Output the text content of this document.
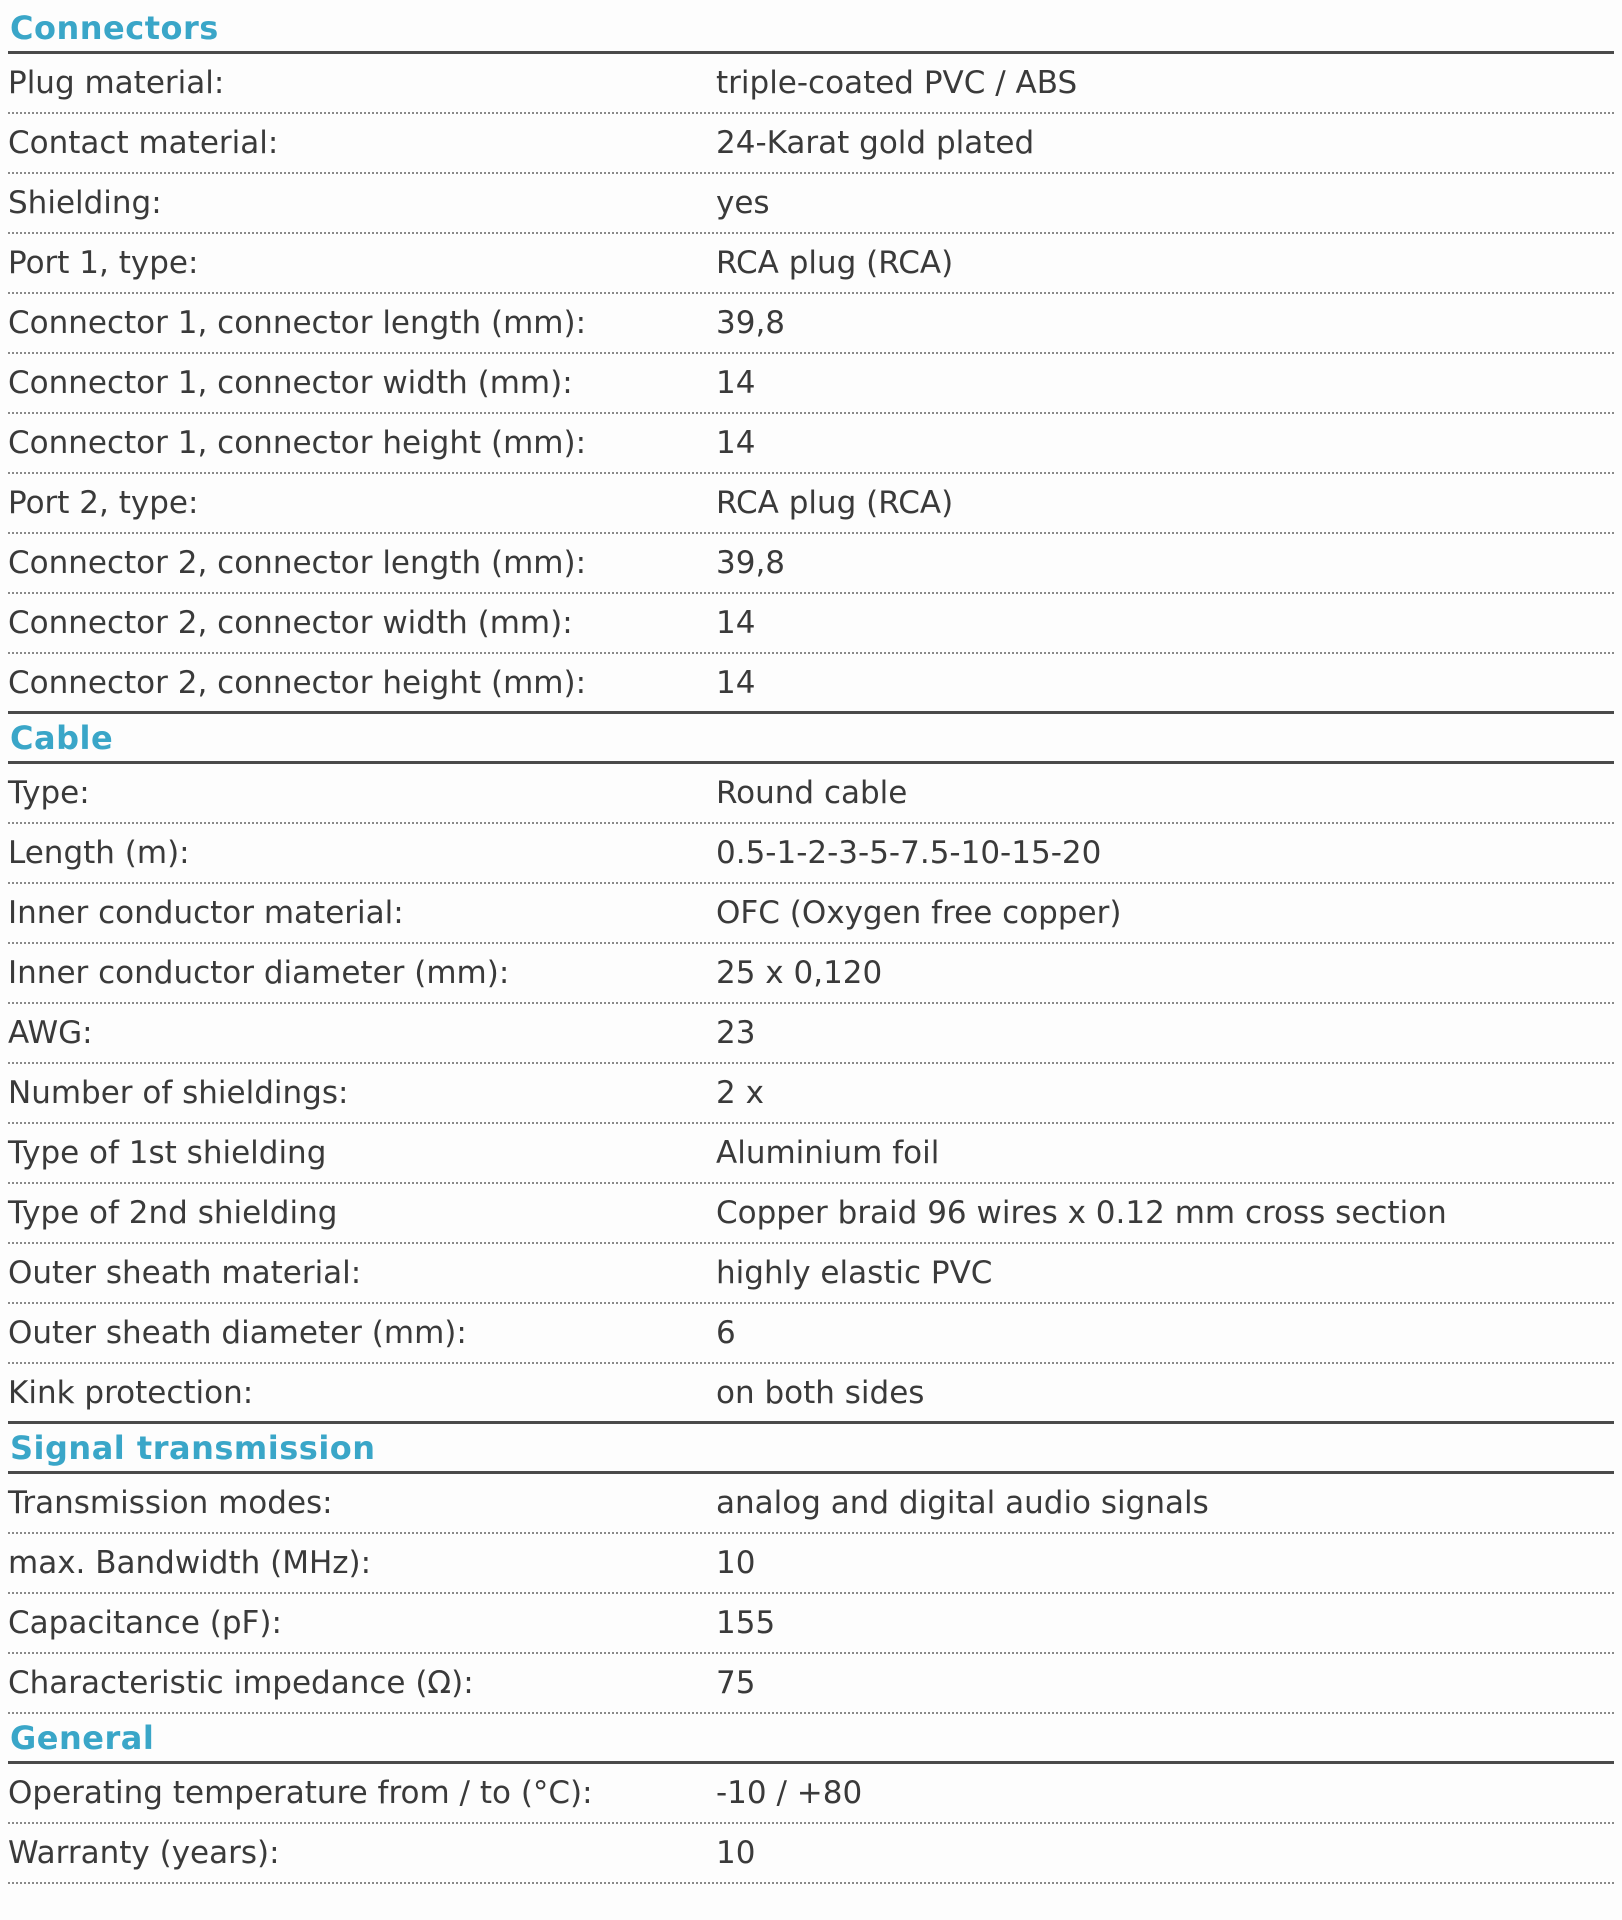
Connectors
Plug material:	triple-coated PVC / ABS
Contact material:	24-Karat gold plated
Shielding:	yes
Port 1, type:	RCA plug (RCA)
Connector 1, connector length (mm):	39,8
Connector 1, connector width (mm):	14
Connector 1, connector height (mm):	14
Port 2, type:	RCA plug (RCA)
Connector 2, connector length (mm):	39,8
Connector 2, connector width (mm):	14
Connector 2, connector height (mm):	14
Cable
Type:	Round cable
Length (m):	0.5-1-2-3-5-7.5-10-15-20
Inner conductor material:	OFC (Oxygen free copper)
Inner conductor diameter (mm):	25 x 0,120
AWG:	23
Number of shieldings:	2 x
Type of 1st shielding	Aluminium foil
Type of 2nd shielding	Copper braid 96 wires x 0.12 mm cross section
Outer sheath material:	highly elastic PVC
Outer sheath diameter (mm):	6
Kink protection:	on both sides
Signal transmission
Transmission modes:	analog and digital audio signals
max. Bandwidth (MHz):	10
Capacitance (pF):	155
Characteristic impedance (Ω):	75
General
Operating temperature from / to (°C):	-10 / +80
Warranty (years):	10
